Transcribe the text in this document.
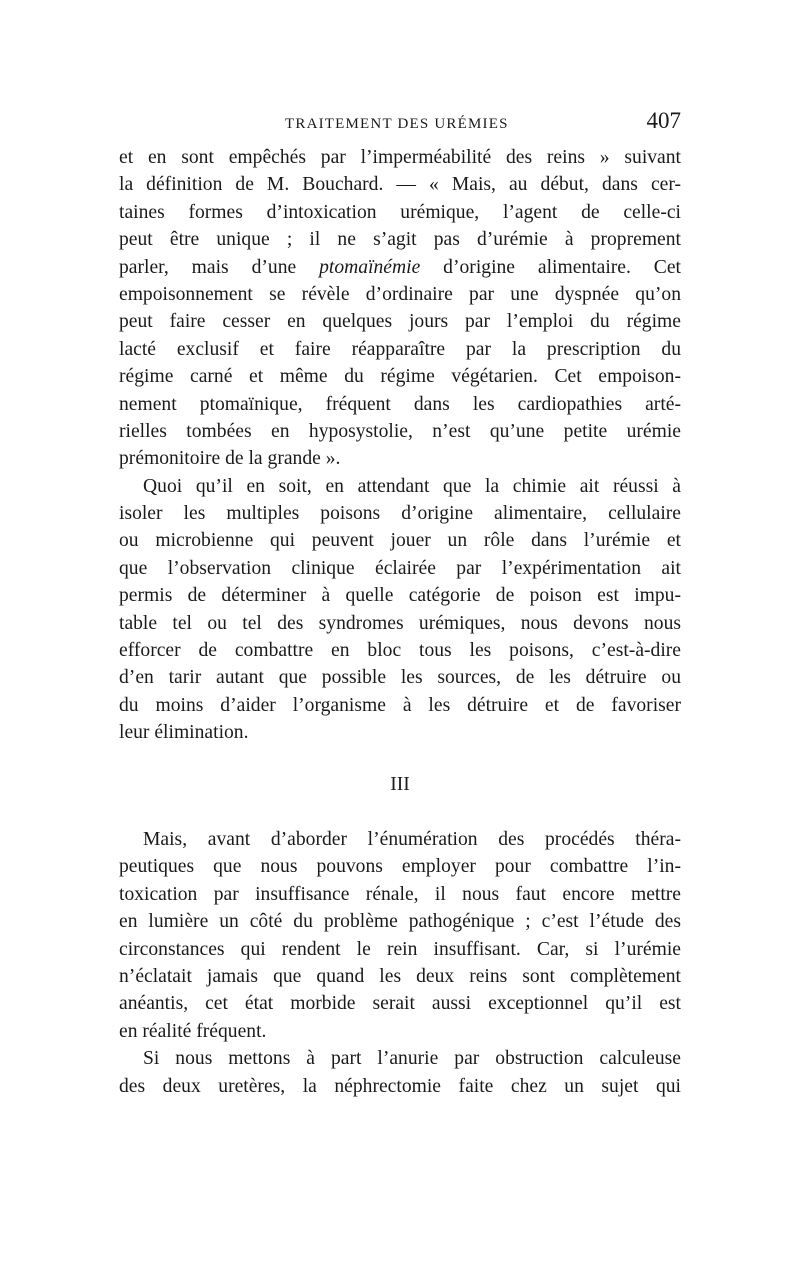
TRAITEMENT DES URÉMIES	407
et en sont empêchés par l’imperméabilité des reins » suivant
la définition de M. Bouchard. — « Mais, au début, dans cer-
taines formes d’intoxication urémique, l’agent de celle-ci
peut être unique ; il ne s’agit pas d’urémie à proprement
parler, mais d’une ptomaïnémie d’origine alimentaire. Cet
empoisonnement se révèle d’ordinaire par une dyspnée qu’on
peut faire cesser en quelques jours par l’emploi du régime
lacté exclusif et faire réapparaître par la prescription du
régime carné et même du régime végétarien. Cet empoison-
nement ptomaïnique, fréquent dans les cardiopathies arté-
rielles tombées en hyposystolie, n’est qu’une petite urémie
prémonitoire de la grande ».
Quoi qu’il en soit, en attendant que la chimie ait réussi à
isoler les multiples poisons d’origine alimentaire, cellulaire
ou microbienne qui peuvent jouer un rôle dans l’urémie et
que l’observation clinique éclairée par l’expérimentation ait
permis de déterminer à quelle catégorie de poison est impu-
table tel ou tel des syndromes urémiques, nous devons nous
efforcer de combattre en bloc tous les poisons, c’est-à-dire
d’en tarir autant que possible les sources, de les détruire ou
du moins d’aider l’organisme à les détruire et de favoriser
leur élimination.
III
Mais, avant d’aborder l’énumération des procédés théra-
peutiques que nous pouvons employer pour combattre l’in-
toxication par insuffisance rénale, il nous faut encore mettre
en lumière un côté du problème pathogénique ; c’est l’étude des
circonstances qui rendent le rein insuffisant. Car, si l’urémie
n’éclatait jamais que quand les deux reins sont complètement
anéantis, cet état morbide serait aussi exceptionnel qu’il est
en réalité fréquent.
Si nous mettons à part l’anurie par obstruction calculeuse
des deux uretères, la néphrectomie faite chez un sujet qui
